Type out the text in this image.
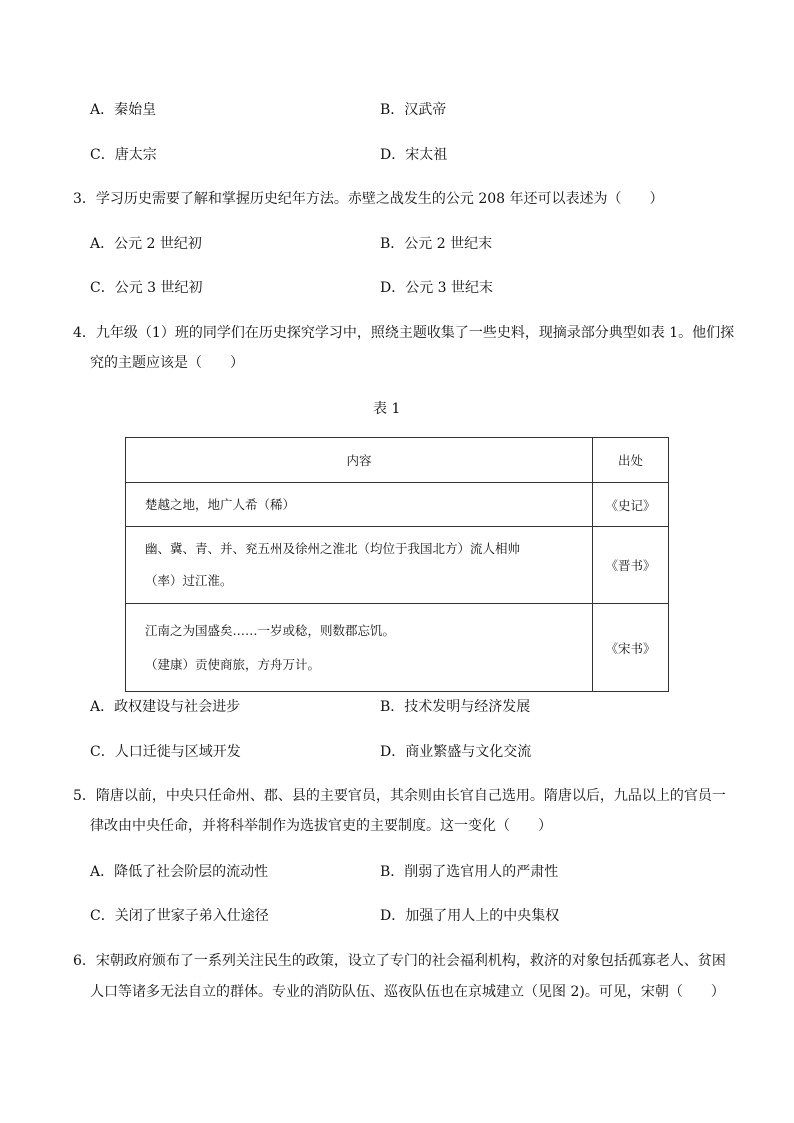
A．秦始皇	B．汉武帝
C．唐太宗	D．宋太祖
3．学习历史需要了解和掌握历史纪年方法。赤壁之战发生的公元 208 年还可以表述为（　　）
A．公元 2 世纪初	B．公元 2 世纪末
C．公元 3 世纪初	D．公元 3 世纪末
4．九年级（1）班的同学们在历史探究学习中，照绕主题收集了一些史料，现摘录部分典型如表 1。他们探
究的主题应该是（　　）
表 1
内容	出处

楚越之地，地广人希（稀）	《史记》

幽、冀、青、并、兖五州及徐州之淮北（均位于我国北方）流人相帅

（率）过江淮。	《晋书》

江南之为国盛矣……一岁或稔，则数郡忘饥。

（建康）贡使商旅，方舟万计。	《宋书》
A．政权建设与社会进步	B．技术发明与经济发展
C．人口迁徙与区域开发	D．商业繁盛与文化交流
5．隋唐以前，中央只任命州、郡、县的主要官员，其余则由长官自己选用。隋唐以后，九品以上的官员一
律改由中央任命，并将科举制作为选拔官吏的主要制度。这一变化（　　）
A．降低了社会阶层的流动性	B．削弱了选官用人的严肃性
C．关闭了世家子弟入仕途径	D．加强了用人上的中央集权
6．宋朝政府颁布了一系列关注民生的政策，设立了专门的社会福利机构，救济的对象包括孤寡老人、贫困
人口等诸多无法自立的群体。专业的消防队伍、巡夜队伍也在京城建立（见图 2)。可见，宋朝（　　）
